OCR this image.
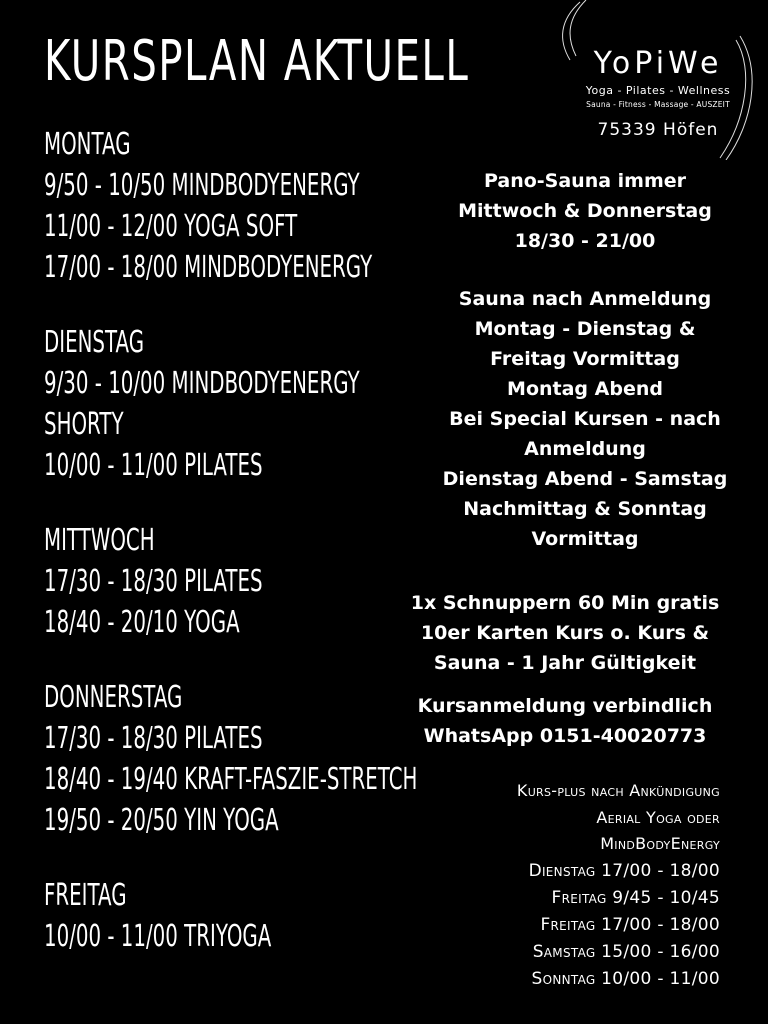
KURSPLAN AKTUELL	YoPiWe
Yoga - Pilates - Wellness
Sauna - Fitness - Massage - AUSZEIT
75339 Höfen
MONTAG
9/50 - 10/50 MINDBODYENERGY
11/00 - 12/00 YOGA SOFT
17/00 - 18/00 MINDBODYENERGY
DIENSTAG
9/30 - 10/00 MINDBODYENERGY
SHORTY
10/00 - 11/00 PILATES
MITTWOCH
17/30 - 18/30 PILATES
18/40 - 20/10 YOGA
DONNERSTAG
17/30 - 18/30 PILATES
18/40 - 19/40 KRAFT-FASZIE-STRETCH
19/50 - 20/50 YIN YOGA
FREITAG
10/00 - 11/00 TRIYOGA
Pano-Sauna immer
Mittwoch & Donnerstag
18/30 - 21/00
Sauna nach Anmeldung
Montag - Dienstag &
Freitag Vormittag
Montag Abend
Bei Special Kursen - nach
Anmeldung
Dienstag Abend - Samstag
Nachmittag & Sonntag
Vormittag
1x Schnuppern 60 Min gratis
10er Karten Kurs o. Kurs &
Sauna - 1 Jahr Gültigkeit
Kursanmeldung verbindlich
WhatsApp 0151-40020773
Kurs-plus nach Ankündigung
Aerial Yoga oder
MindBodyEnergy
Dienstag 17/00 - 18/00
Freitag 9/45 - 10/45
Freitag 17/00 - 18/00
Samstag 15/00 - 16/00
Sonntag 10/00 - 11/00
